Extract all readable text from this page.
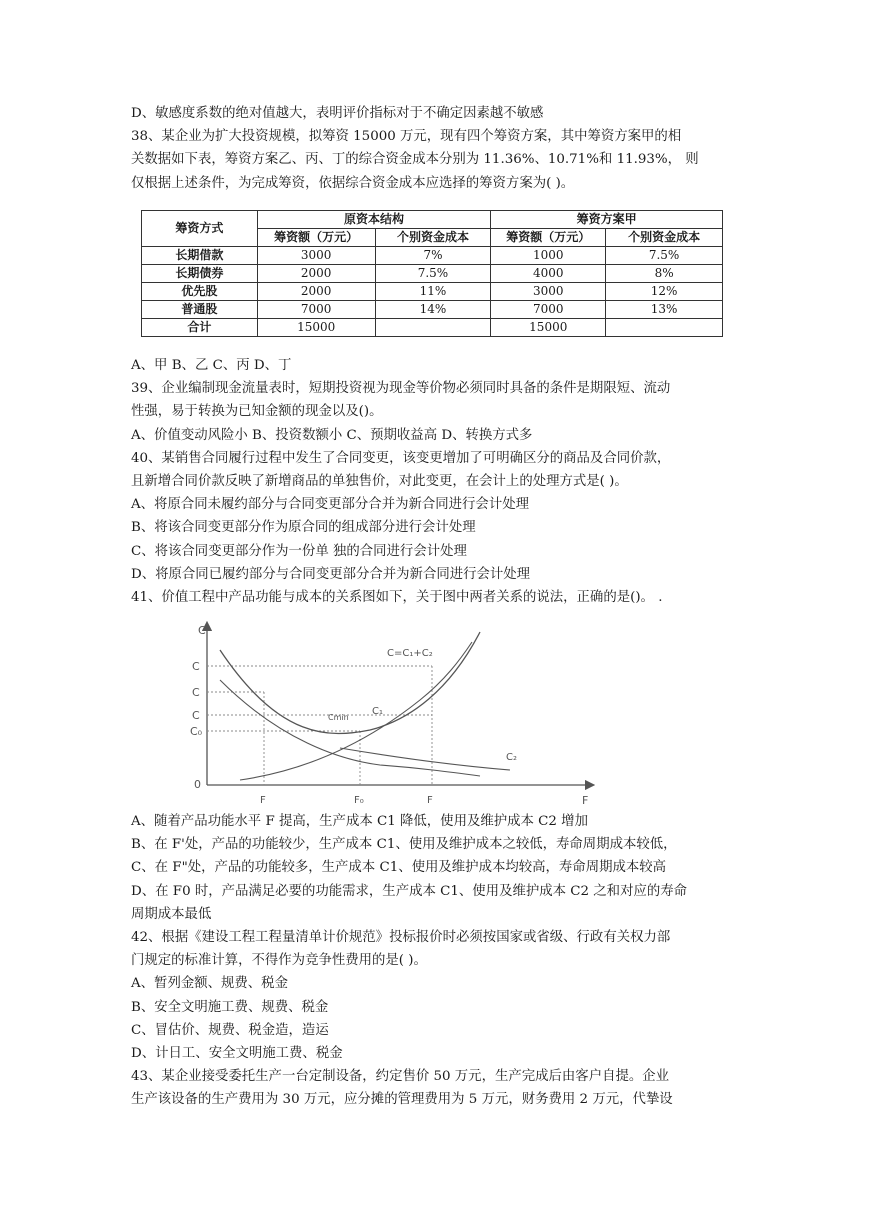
D、敏感度系数的绝对值越大，表明评价指标对于不确定因素越不敏感
38、某企业为扩大投资规模，拟筹资 15000 万元，现有四个筹资方案，其中筹资方案甲的相
关数据如下表，筹资方案乙、丙、丁的综合资金成本分别为 11.36%、10.71%和 11.93%， 则
仅根据上述条件，为完成筹资，依据综合资金成本应选择的筹资方案为( )。
筹资方式	原资本结构		筹资方案甲	
	筹资额（万元）	个别资金成本	筹资额（万元）	个别资金成本
长期借款	3000	7%	1000	7.5%
长期债券	2000	7.5%	4000	8%
优先股	2000	11%	3000	12%
普通股	7000	14%	7000	13%
合计	15000		15000	
A、甲 B、乙 C、丙 D、丁
39、企业编制现金流量表时，短期投资视为现金等价物必须同时具备的条件是期限短、流动
性强，易于转换为已知金额的现金以及()。
A、价值变动风险小 B、投资数额小 C、预期收益高 D、转换方式多
40、某销售合同履行过程中发生了合同变更，该变更增加了可明确区分的商品及合同价款，
且新增合同价款反映了新增商品的单独售价，对此变更，在会计上的处理方式是( )。
A、将原合同未履约部分与合同变更部分合并为新合同进行会计处理
B、将该合同变更部分作为原合同的组成部分进行会计处理
C、将该合同变更部分作为一份单 独的合同进行会计处理
D、将原合同已履约部分与合同变更部分合并为新合同进行会计处理
41、价值工程中产品功能与成本的关系图如下，关于图中两者关系的说法，正确的是()。 .
C
C
C
C
C₀
0
F	F₀	F	F
C=C₁+C₂
C₁
C₂
Cmin
A、随着产品功能水平 F 提高，生产成本 C1 降低，使用及维护成本 C2 增加
B、在 F'处，产品的功能较少，生产成本 C1、使用及维护成本之较低，寿命周期成本较低，
C、在 F"处，产品的功能较多，生产成本 C1、使用及维护成本均较高，寿命周期成本较高
D、在 F0 时，产品满足必要的功能需求，生产成本 C1、使用及维护成本 C2 之和对应的寿命
周期成本最低
42、根据《建设工程工程量清单计价规范》投标报价时必须按国家或省级、行政有关权力部
门规定的标准计算，不得作为竞争性费用的是( )。
A、暂列金额、规费、税金
B、安全文明施工费、规费、税金
C、冒估价、规费、税金造，造运
D、计日工、安全文明施工费、税金
43、某企业接受委托生产一台定制设备，约定售价 50 万元，生产完成后由客户自提。企业
生产该设备的生产费用为 30 万元，应分摊的管理费用为 5 万元，财务费用 2 万元，代摯设
